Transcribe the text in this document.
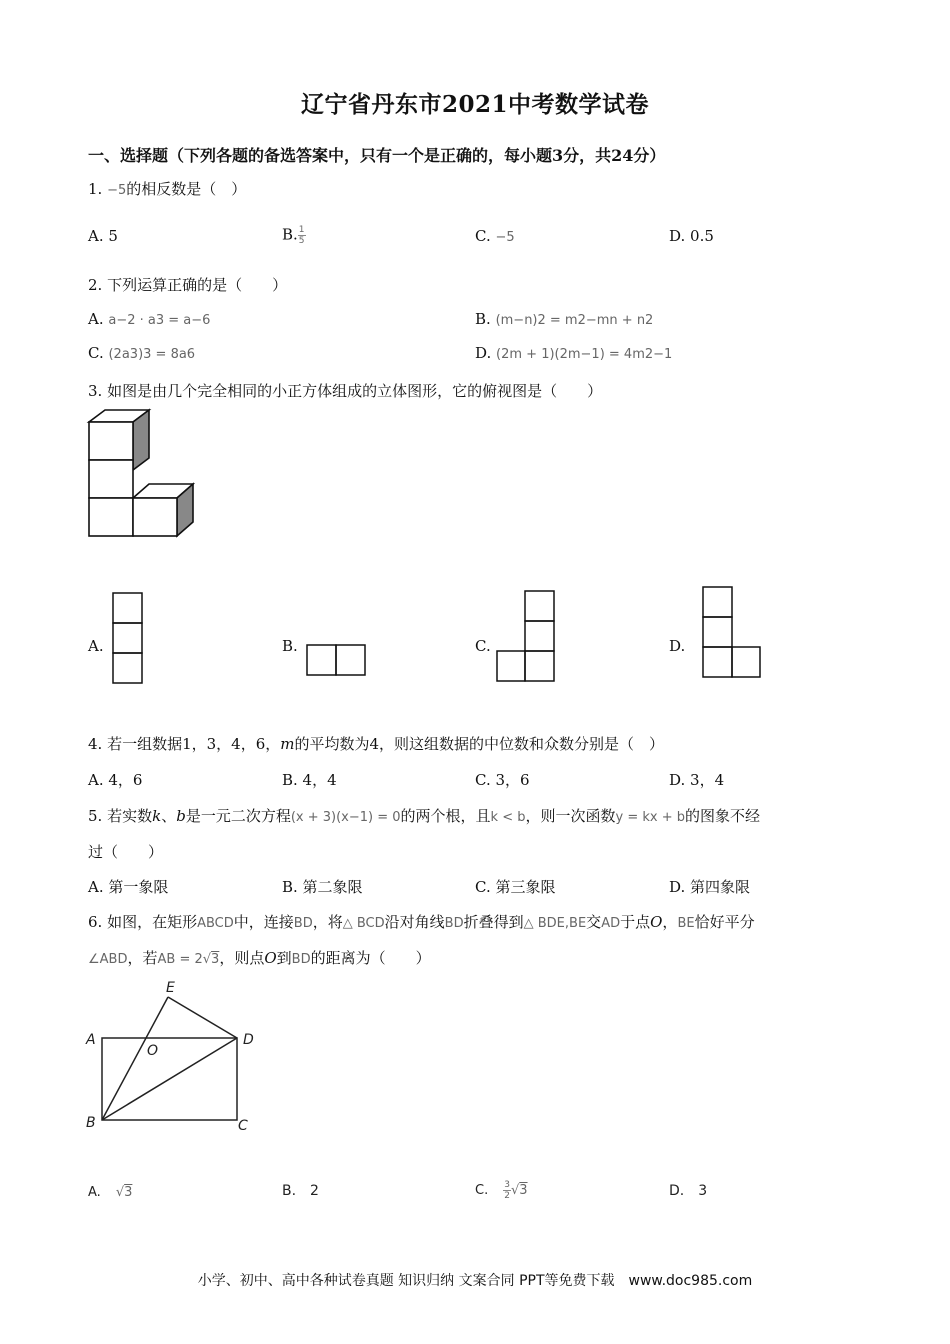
辽宁省丹东市2021中考数学试卷
一、选择题（下列各题的备选答案中，只有一个是正确的，每小题3分，共24分）
1. −5的相反数是（　）
A. 5	B. $\frac{1}{5}$	C. −5	D. 0.5
2. 下列运算正确的是（　　）
A. a−2 · a3 = a−6	B. (m−n)2 = m2−mn + n2
C. (2a3)3 = 8a6	D. (2m + 1)(2m−1) = 4m2−1
3. 如图是由几个完全相同的小正方体组成的立体图形，它的俯视图是（　　）
A.	B.	C.	D.
4. 若一组数据1，3，4，6，m的平均数为4，则这组数据的中位数和众数分别是（　）
A. 4，6	B. 4，4	C. 3，6	D. 3，4
5. 若实数k、b是一元二次方程(x + 3)(x−1) = 0的两个根，且k < b，则一次函数y = kx + b的图象不经
过（　　）
A. 第一象限	B. 第二象限	C. 第三象限	D. 第四象限
6. 如图，在矩形ABCD中，连接BD，将△ BCD沿对角线BD折叠得到△ BDE,BE交AD于点O，BE恰好平分
∠ABD，若AB = 2√3，则点O到BD的距离为（　　）
A
B	C
D
E
O
A.　 √3	B.　2	C.　 $\frac{3}{2} √3$	D.　3
小学、初中、高中各种试卷真题 知识归纳 文案合同 PPT等免费下载　www.doc985.com
